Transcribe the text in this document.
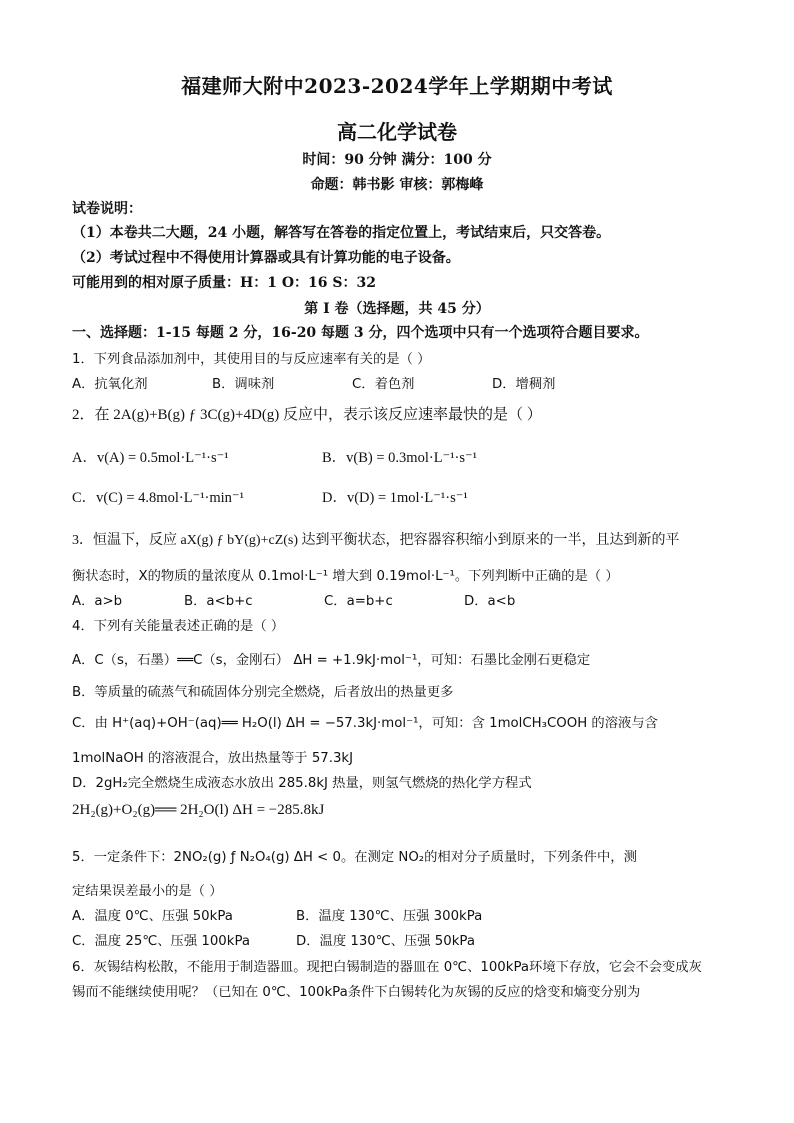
福建师大附中2023-2024学年上学期期中考试
高二化学试卷
时间：90 分钟 满分：100 分
命题：韩书影 审核：郭梅峰
试卷说明：
（1）本卷共二大题，24 小题，解答写在答卷的指定位置上，考试结束后，只交答卷。
（2）考试过程中不得使用计算器或具有计算功能的电子设备。
可能用到的相对原子质量：H：1 O：16 S：32
第 I 卷（选择题，共 45 分）
一、选择题：1-15 每题 2 分，16-20 每题 3 分，四个选项中只有一个选项符合题目要求。
1．下列食品添加剂中，其使用目的与反应速率有关的是（ ）
A．抗氧化剂	B．调味剂	C．着色剂	D．增稠剂
2．在 2A(g)+B(g) ƒ 3C(g)+4D(g) 反应中，表示该反应速率最快的是（ ）
A．v(A) = 0.5mol·L⁻¹·s⁻¹	B．v(B) = 0.3mol·L⁻¹·s⁻¹
C．v(C) = 4.8mol·L⁻¹·min⁻¹	D．v(D) = 1mol·L⁻¹·s⁻¹
3．恒温下，反应 aX(g) ƒ bY(g)+cZ(s) 达到平衡状态，把容器容积缩小到原来的一半，且达到新的平
衡状态时，X的物质的量浓度从 0.1mol·L⁻¹ 增大到 0.19mol·L⁻¹。下列判断中正确的是（ ）
A．a>b	B．a<b+c	C．a=b+c	D．a<b
4．下列有关能量表述正确的是（ ）
A．C（s，石墨）══C（s，金刚石） ΔH = +1.9kJ·mol⁻¹，可知：石墨比金刚石更稳定
B．等质量的硫蒸气和硫固体分别完全燃烧，后者放出的热量更多
C．由 H⁺(aq)+OH⁻(aq)══ H₂O(l) ΔH = −57.3kJ·mol⁻¹，可知：含 1molCH₃COOH 的溶液与含
1molNaOH 的溶液混合，放出热量等于 57.3kJ
D．2gH₂完全燃烧生成液态水放出 285.8kJ 热量，则氢气燃烧的热化学方程式
2H₂(g)+O₂(g)══ 2H₂O(l) ΔH = −285.8kJ
5．一定条件下：2NO₂(g) ƒ N₂O₄(g) ΔH < 0。在测定 NO₂的相对分子质量时，下列条件中，测
定结果误差最小的是（ ）
A．温度 0℃、压强 50kPa	B．温度 130℃、压强 300kPa
C．温度 25℃、压强 100kPa	D．温度 130℃、压强 50kPa
6．灰锡结构松散，不能用于制造器皿。现把白锡制造的器皿在 0℃、100kPa环境下存放，它会不会变成灰
锡而不能继续使用呢？（已知在 0℃、100kPa条件下白锡转化为灰锡的反应的焓变和熵变分别为
